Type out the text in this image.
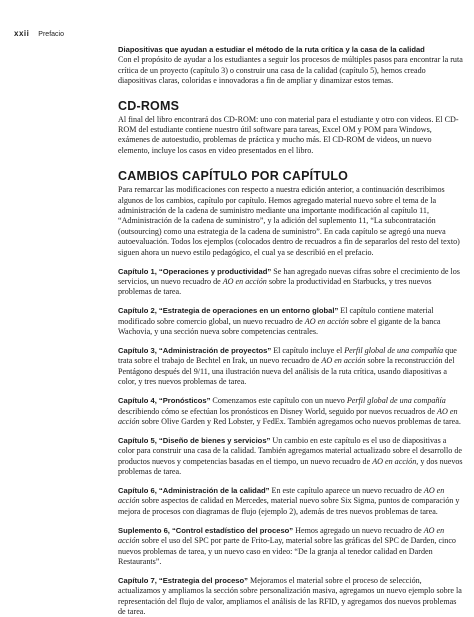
xxii Prefacio

Diapositivas que ayudan a estudiar el método de la ruta crítica y la casa de la calidad

Con el propósito de ayudar a los estudiantes a seguir los procesos de múltiples pasos para encontrar la ruta crítica de un proyecto (capítulo 3) o construir una casa de la calidad (capítulo 5), hemos creado diapositivas claras, coloridas e innovadoras a fin de ampliar y dinamizar estos temas.

CD-ROMS

Al final del libro encontrará dos CD-ROM: uno con material para el estudiante y otro con videos. El CD-ROM del estudiante contiene nuestro útil software para tareas, Excel OM y POM para Windows, exámenes de autoestudio, problemas de práctica y mucho más. El CD-ROM de videos, un nuevo elemento, incluye los casos en video presentados en el libro.

CAMBIOS CAPÍTULO POR CAPÍTULO

Para remarcar las modificaciones con respecto a nuestra edición anterior, a continuación describimos algunos de los cambios, capítulo por capítulo. Hemos agregado material nuevo sobre el tema de la administración de la cadena de suministro mediante una importante modificación al capítulo 11, “Administración de la cadena de suministro”, y la adición del suplemento 11, “La subcontratación (outsourcing) como una estrategia de la cadena de suministro”. En cada capítulo se agregó una nueva autoevaluación. Todos los ejemplos (colocados dentro de recuadros a fin de separarlos del resto del texto) siguen ahora un nuevo estilo pedagógico, el cual ya se describió en el prefacio.

Capítulo 1, “Operaciones y productividad” Se han agregado nuevas cifras sobre el crecimiento de los servicios, un nuevo recuadro de AO en acción sobre la productividad en Starbucks, y tres nuevos problemas de tarea.

Capítulo 2, “Estrategia de operaciones en un entorno global” El capítulo contiene material modificado sobre comercio global, un nuevo recuadro de AO en acción sobre el gigante de la banca Wachovia, y una sección nueva sobre competencias centrales.

Capítulo 3, “Administración de proyectos” El capítulo incluye el Perfil global de una compañía que trata sobre el trabajo de Bechtel en Irak, un nuevo recuadro de AO en acción sobre la reconstrucción del Pentágono después del 9/11, una ilustración nueva del análisis de la ruta crítica, usando diapositivas a color, y tres nuevos problemas de tarea.

Capítulo 4, “Pronósticos” Comenzamos este capítulo con un nuevo Perfil global de una compañía describiendo cómo se efectúan los pronósticos en Disney World, seguido por nuevos recuadros de AO en acción sobre Olive Garden y Red Lobster, y FedEx. También agregamos ocho nuevos problemas de tarea.

Capítulo 5, “Diseño de bienes y servicios” Un cambio en este capítulo es el uso de diapositivas a color para construir una casa de la calidad. También agregamos material actualizado sobre el desarrollo de productos nuevos y competencias basadas en el tiempo, un nuevo recuadro de AO en acción, y dos nuevos problemas de tarea.

Capítulo 6, “Administración de la calidad” En este capítulo aparece un nuevo recuadro de AO en acción sobre aspectos de calidad en Mercedes, material nuevo sobre Six Sigma, puntos de comparación y mejora de procesos con diagramas de flujo (ejemplo 2), además de tres nuevos problemas de tarea.

Suplemento 6, “Control estadístico del proceso” Hemos agregado un nuevo recuadro de AO en acción sobre el uso del SPC por parte de Frito-Lay, material sobre las gráficas del SPC de Darden, cinco nuevos problemas de tarea, y un nuevo caso en video: “De la granja al tenedor calidad en Darden Restaurants”.

Capítulo 7, “Estrategia del proceso” Mejoramos el material sobre el proceso de selección, actualizamos y ampliamos la sección sobre personalización masiva, agregamos un nuevo ejemplo sobre la representación del flujo de valor, ampliamos el análisis de las RFID, y agregamos dos nuevos problemas de tarea.
